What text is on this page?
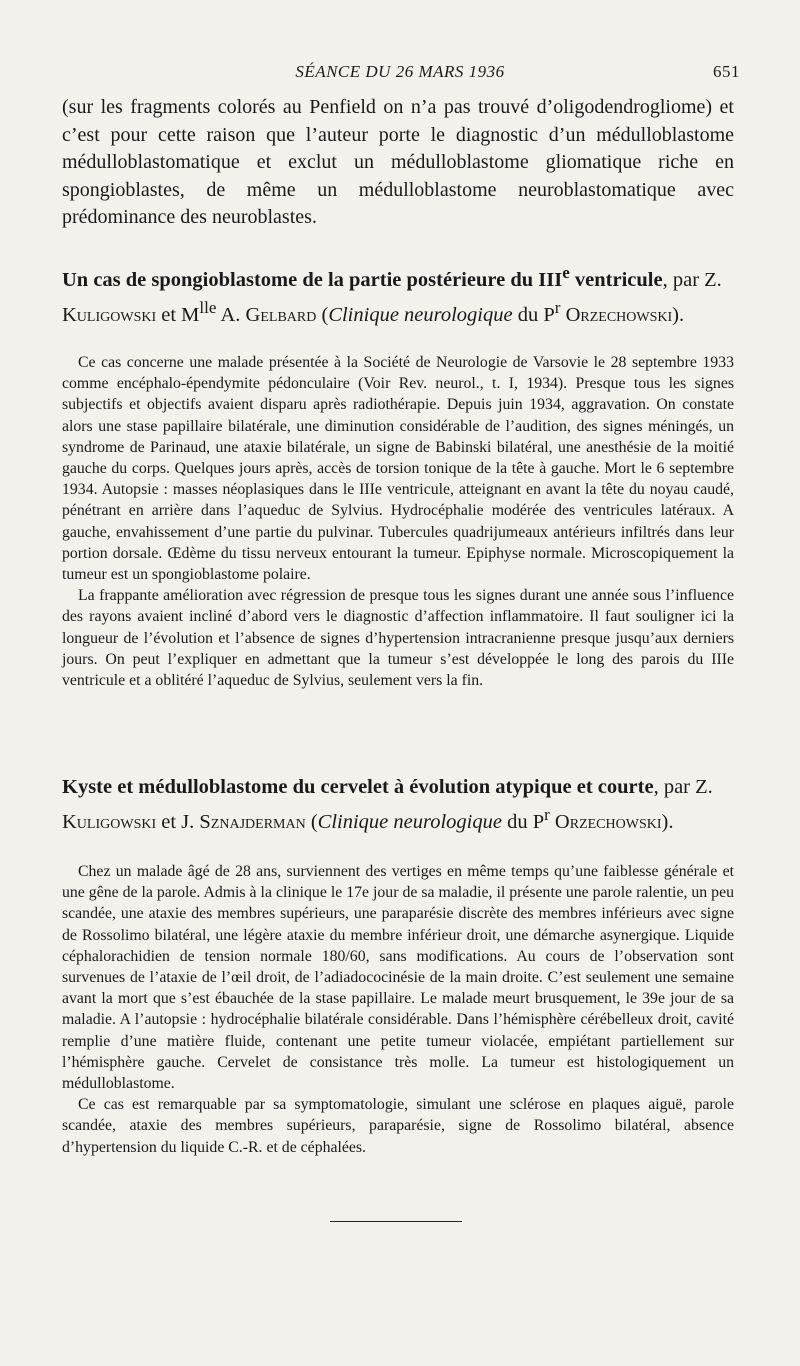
SÉANCE DU 26 MARS 1936	651

(sur les fragments colorés au Penfield on n’a pas trouvé d’oligodendrogliome) et c’est pour cette raison que l’auteur porte le diagnostic d’un médulloblastome médulloblastomatique et exclut un médulloblastome gliomatique riche en spongioblastes, de même un médulloblastome neuroblastomatique avec prédominance des neuroblastes.

Un cas de spongioblastome de la partie postérieure du IIIe ventricule, par Z. Kuligowski et $M^{lle}$ A. Gelbard (Clinique neurologique du $P^r$ Orzechowski).

Ce cas concerne une malade présentée à la Société de Neurologie de Varsovie le 28 septembre 1933 comme encéphalo-épendymite pédonculaire (Voir Rev. neurol., t. I, 1934). Presque tous les signes subjectifs et objectifs avaient disparu après radiothérapie. Depuis juin 1934, aggravation. On constate alors une stase papillaire bilatérale, une diminution considérable de l’audition, des signes méningés, un syndrome de Parinaud, une ataxie bilatérale, un signe de Babinski bilatéral, une anesthésie de la moitié gauche du corps. Quelques jours après, accès de torsion tonique de la tête à gauche. Mort le 6 septembre 1934. Autopsie : masses néoplasiques dans le IIIe ventricule, atteignant en avant la tête du noyau caudé, pénétrant en arrière dans l’aqueduc de Sylvius. Hydrocéphalie modérée des ventricules latéraux. A gauche, envahissement d’une partie du pulvinar. Tubercules quadrijumeaux antérieurs infiltrés dans leur portion dorsale. Œdème du tissu nerveux entourant la tumeur. Epiphyse normale. Microscopiquement la tumeur est un spongioblastome polaire.

La frappante amélioration avec régression de presque tous les signes durant une année sous l’influence des rayons avaient incliné d’abord vers le diagnostic d’affection inflammatoire. Il faut souligner ici la longueur de l’évolution et l’absence de signes d’hypertension intracranienne presque jusqu’aux derniers jours. On peut l’expliquer en admettant que la tumeur s’est développée le long des parois du IIIe ventricule et a oblitéré l’aqueduc de Sylvius, seulement vers la fin.

Kyste et médulloblastome du cervelet à évolution atypique et courte, par Z. Kuligowski et J. Sznajderman (Clinique neurologique du $P^r$ Orzechowski).

Chez un malade âgé de 28 ans, surviennent des vertiges en même temps qu’une faiblesse générale et une gêne de la parole. Admis à la clinique le 17e jour de sa maladie, il présente une parole ralentie, un peu scandée, une ataxie des membres supérieurs, une paraparésie discrète des membres inférieurs avec signe de Rossolimo bilatéral, une légère ataxie du membre inférieur droit, une démarche asynergique. Liquide céphalorachidien de tension normale 180/60, sans modifications. Au cours de l’observation sont survenues de l’ataxie de l’œil droit, de l’adiadococinésie de la main droite. C’est seulement une semaine avant la mort que s’est ébauchée de la stase papillaire. Le malade meurt brusquement, le 39e jour de sa maladie. A l’autopsie : hydrocéphalie bilatérale considérable. Dans l’hémisphère cérébelleux droit, cavité remplie d’une matière fluide, contenant une petite tumeur violacée, empiétant partiellement sur l’hémisphère gauche. Cervelet de consistance très molle. La tumeur est histologiquement un médulloblastome.

Ce cas est remarquable par sa symptomatologie, simulant une sclérose en plaques aiguë, parole scandée, ataxie des membres supérieurs, paraparésie, signe de Rossolimo bilatéral, absence d’hypertension du liquide C.-R. et de céphalées.
